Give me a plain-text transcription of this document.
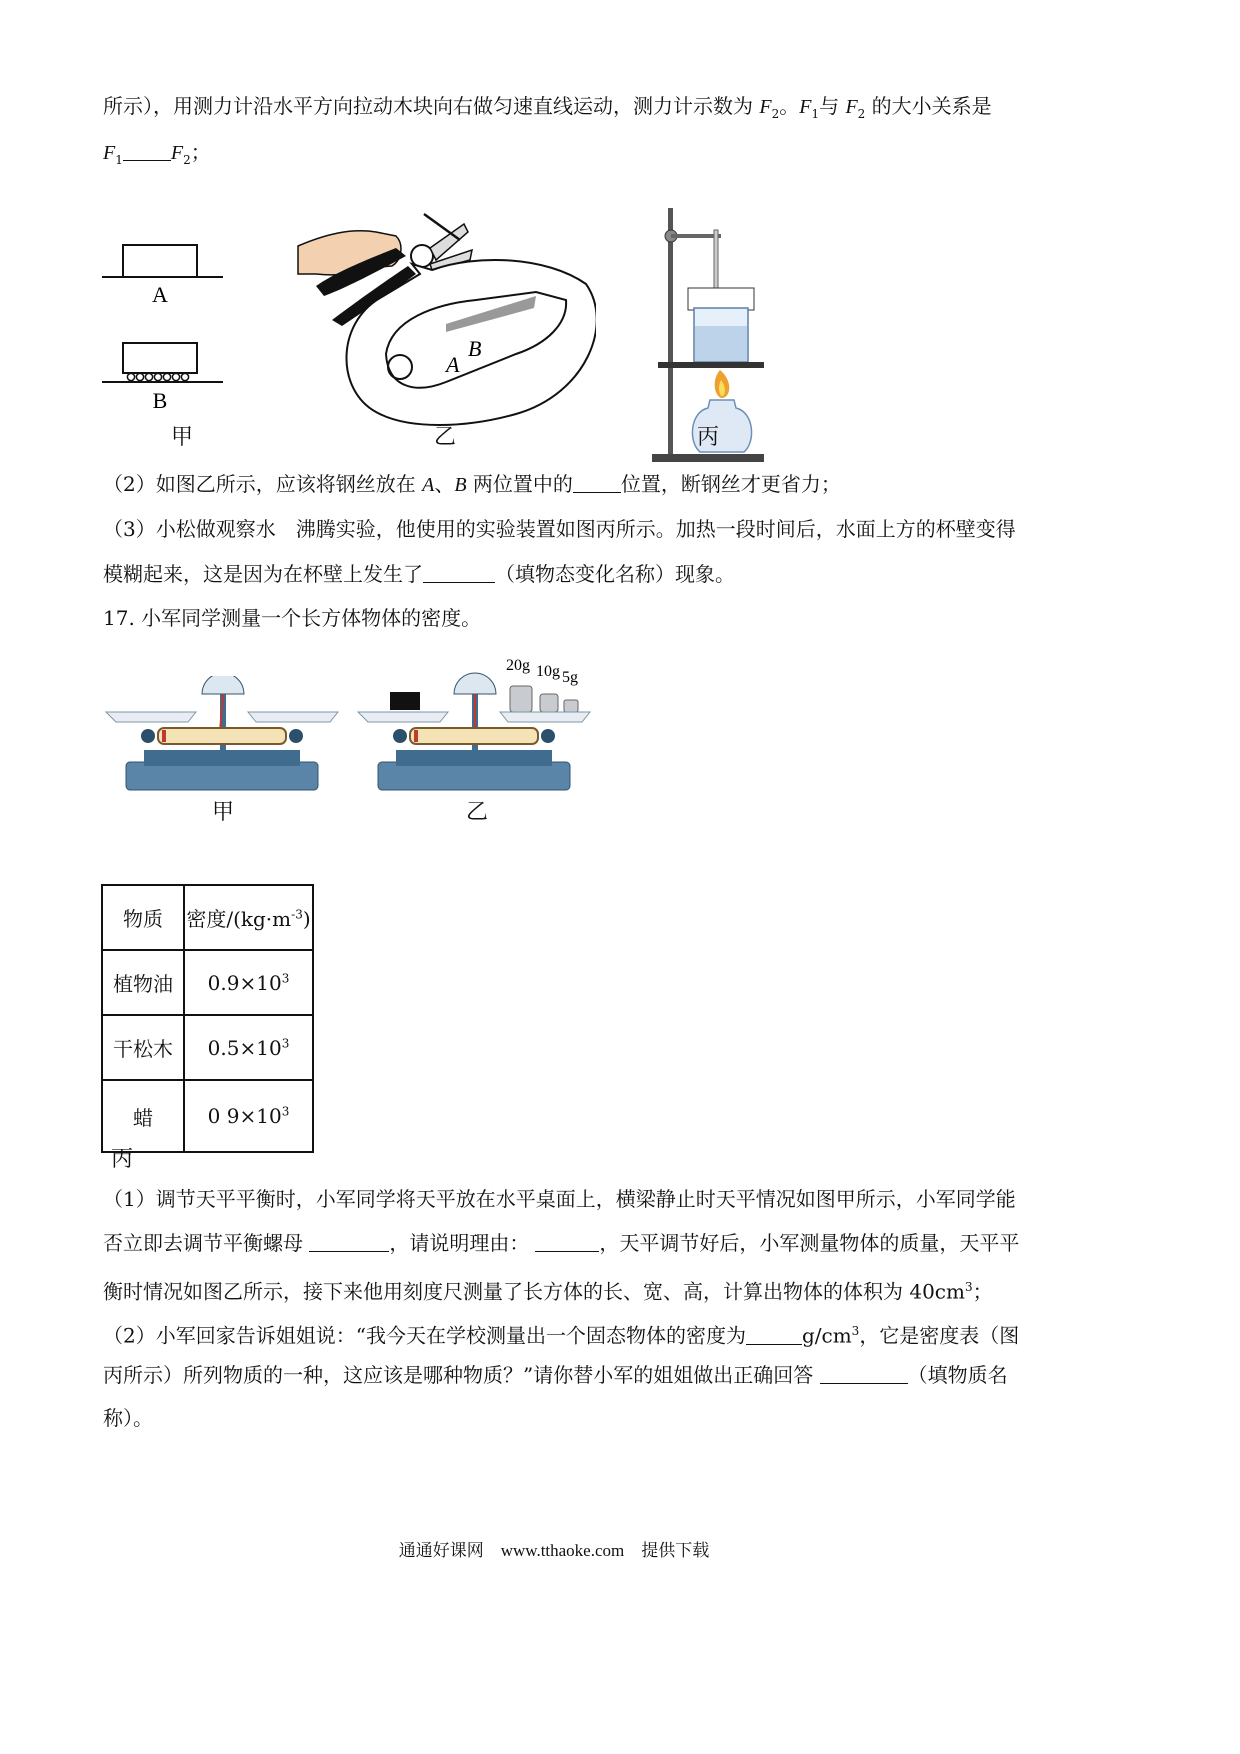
所示），用测力计沿水平方向拉动木块向右做匀速直线运动，测力计示数为 $F_2$。$F_1$与 $F_2$ 的大小关系是
$F_1$ $F_2$；
A
B
甲
A
B
乙	丙
（2）如图乙所示，应该将钢丝放在 A、B 两位置中的 位置，断钢丝才更省力；
（3）小松做观察水　沸腾实验，他使用的实验装置如图丙所示。加热一段时间后，水面上方的杯壁变得
模糊起来，这是因为在杯壁上发生了	（填物态变化名称）现象。
17. 小军同学测量一个长方体物体的密度。
甲
20g 10g 5g
乙
物质	密度$/(kg\cdot m^{-3})$
植物油	$0.9\times 10^3$
干松木	$0.5\times 10^3$
蜡	0 $9\times 10^3$
丙
（1）调节天平平衡时，小军同学将天平放在水平桌面上，横梁静止时天平情况如图甲所示，小军同学能
否立即去调节平衡螺母	，请说明理由：	，天平调节好后，小军测量物体的质量，天平平
衡时情况如图乙所示，接下来他用刻度尺测量了长方体的长、宽、高，计算出物体的体积为 $40cm^3$；
（2）小军回家告诉姐姐说：“我今天在学校测量出一个固态物体的密度为	$g/cm^3$，它是密度表（图
丙所示）所列物质的一种，这应该是哪种物质？”请你替小军的姐姐做出正确回答	（填物质名
称）。
通通好课网　www.tthaoke.com　提供下载
